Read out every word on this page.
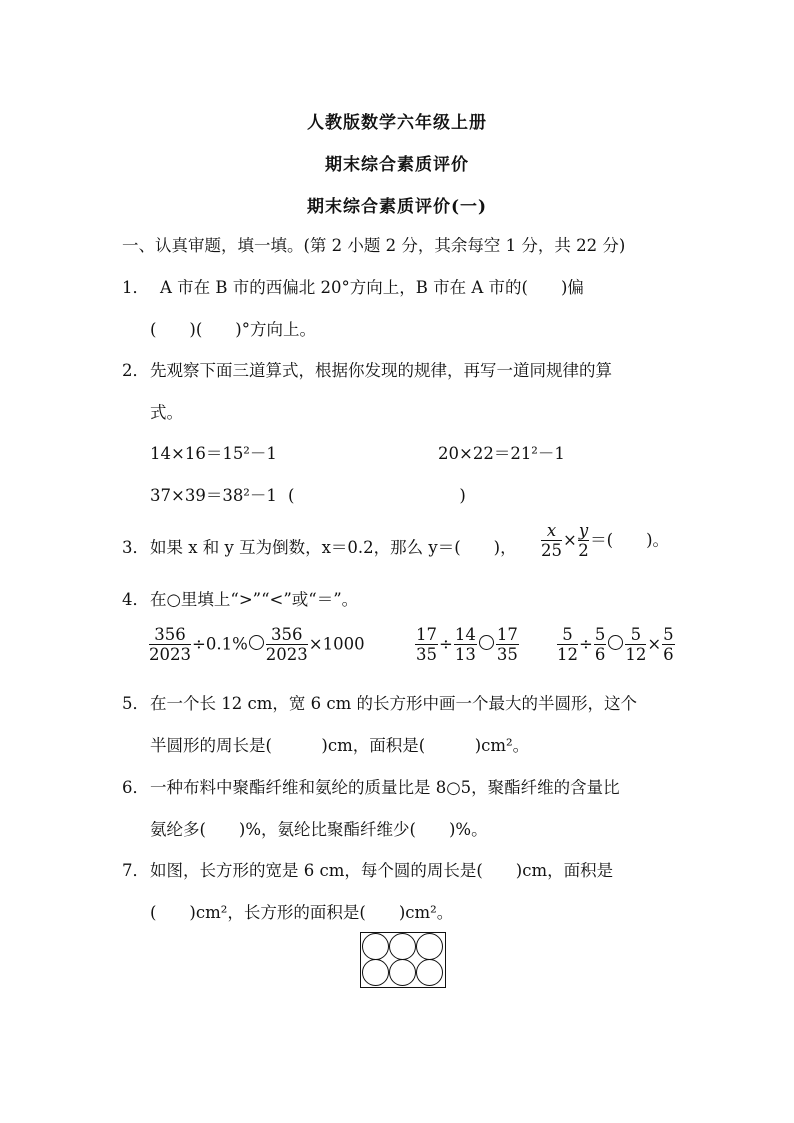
人教版数学六年级上册
期末综合素质评价
期末综合素质评价(一)
一、认真审题，填一填。(第 2 小题 2 分，其余每空 1 分，共 22 分)
1． A 市在 B 市的西偏北 20°方向上，B 市在 A 市的(　　)偏
(　　)(　　)°方向上。
2． 先观察下面三道算式，根据你发现的规律，再写一道同规律的算
式。
14×16＝15²－1	20×22＝21²－1
37×39＝38²－1 (　　　　　　　　　　)
3． 如果 x 和 y 互为倒数，x＝0.2，那么 y＝(　　)， $\frac{x}{25} \times \frac{y}{2}$ ＝(　　)。
4． 在○里填上“>”“<”或“＝”。
$\frac{356}{2023} \div 0.1\% \frac{356}{2023} \times 1000$	$\frac{17}{35} \div \frac{14}{13} \frac{17}{35} \frac{5}{12} \div \frac{5}{6} \frac{5}{12} \times \frac{5}{6}$
5． 在一个长 12 cm，宽 6 cm 的长方形中画一个最大的半圆形，这个
半圆形的周长是(　　　)cm，面积是(　　　)cm²。
6． 一种布料中聚酯纤维和氨纶的质量比是 8○5，聚酯纤维的含量比
氨纶多(　　)%，氨纶比聚酯纤维少(　　)%。
7． 如图，长方形的宽是 6 cm，每个圆的周长是(　　)cm，面积是
(　　)cm²，长方形的面积是(　　)cm²。
